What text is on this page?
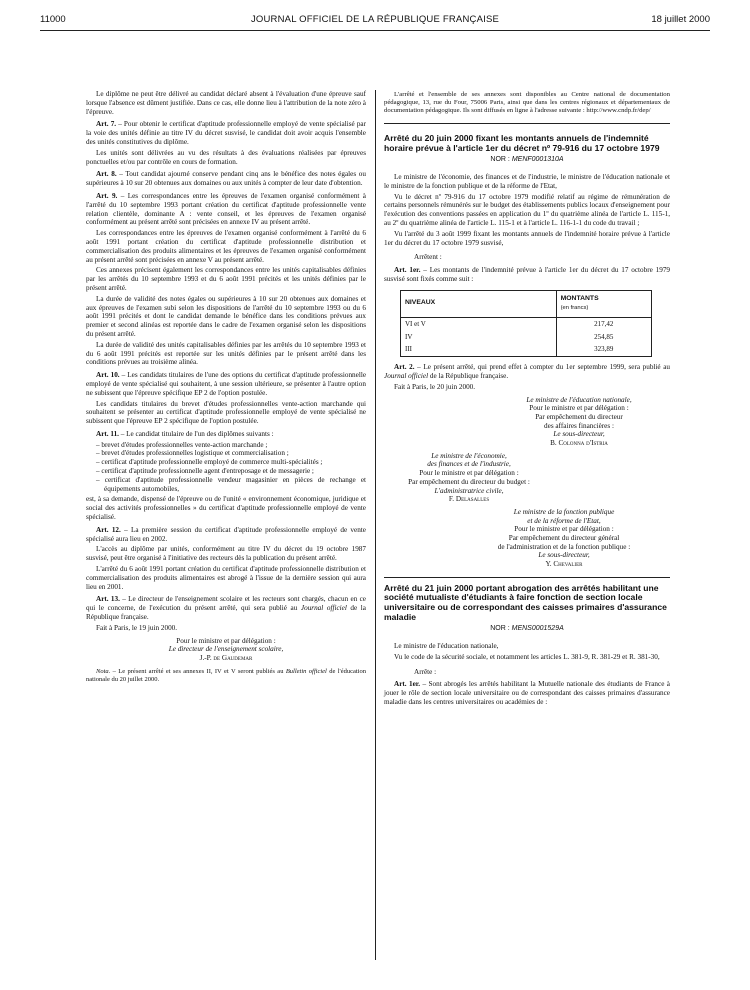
11000	JOURNAL OFFICIEL DE LA RÉPUBLIQUE FRANÇAISE	18 juillet 2000

Le diplôme ne peut être délivré au candidat déclaré absent à l'évaluation d'une épreuve sauf lorsque l'absence est dûment justifiée. Dans ce cas, elle donne lieu à l'attribution de la note zéro à l'épreuve.

Art. 7. – Pour obtenir le certificat d'aptitude professionnelle employé de vente spécialisé par la voie des unités définie au titre IV du décret susvisé, le candidat doit avoir acquis l'ensemble des unités constitutives du diplôme.

Les unités sont délivrées au vu des résultats à des évaluations réalisées par épreuves ponctuelles et/ou par contrôle en cours de formation.

Art. 8. – Tout candidat ajourné conserve pendant cinq ans le bénéfice des notes égales ou supérieures à 10 sur 20 obtenues aux domaines ou aux unités à compter de leur date d'obtention.

Art. 9. – Les correspondances entre les épreuves de l'examen organisé conformément à l'arrêté du 10 septembre 1993 portant création du certificat d'aptitude professionnelle vente relation clientèle, dominante A : vente conseil, et les épreuves de l'examen organisé conformément au présent arrêté sont précisées en annexe IV au présent arrêté.

Les correspondances entre les épreuves de l'examen organisé conformément à l'arrêté du 6 août 1991 portant création du certificat d'aptitude professionnelle distribution et commercialisation des produits alimentaires et les épreuves de l'examen organisé conformément au présent arrêté sont précisées en annexe V au présent arrêté.

Ces annexes précisent également les correspondances entre les unités capitalisables définies par les arrêtés du 10 septembre 1993 et du 6 août 1991 précités et les unités définies par le présent arrêté.

La durée de validité des notes égales ou supérieures à 10 sur 20 obtenues aux domaines et aux épreuves de l'examen subi selon les dispositions de l'arrêté du 10 septembre 1993 ou du 6 août 1991 précités et dont le candidat demande le bénéfice dans les conditions prévues aux premier et second alinéas est reportée dans le cadre de l'examen organisé selon les dispositions du présent arrêté.

La durée de validité des unités capitalisables définies par les arrêtés du 10 septembre 1993 et du 6 août 1991 précités est reportée sur les unités définies par le présent arrêté dans les conditions prévues au troisième alinéa.

Art. 10. – Les candidats titulaires de l'une des options du certificat d'aptitude professionnelle employé de vente spécialisé qui souhaitent, à une session ultérieure, se présenter à l'autre option ne subissent que l'épreuve spécifique EP 2 de l'option postulée.

Les candidats titulaires du brevet d'études professionnelles vente-action marchande qui souhaitent se présenter au certificat d'aptitude professionnelle employé de vente spécialisé ne subissent que l'épreuve EP 2 spécifique de l'option postulée.

Art. 11. – Le candidat titulaire de l'un des diplômes suivants :

– brevet d'études professionnelles vente-action marchande ;
– brevet d'études professionnelles logistique et commercialisation ;
– certificat d'aptitude professionnelle employé de commerce multi-spécialités ;
– certificat d'aptitude professionnelle agent d'entreposage et de messagerie ;
– certificat d'aptitude professionnelle vendeur magasinier en pièces de rechange et équipements automobiles,

est, à sa demande, dispensé de l'épreuve ou de l'unité « environnement économique, juridique et social des activités professionnelles » du certificat d'aptitude professionnelle employé de vente spécialisé.

Art. 12. – La première session du certificat d'aptitude professionnelle employé de vente spécialisé aura lieu en 2002.

L'accès au diplôme par unités, conformément au titre IV du décret du 19 octobre 1987 susvisé, peut être organisé à l'initiative des recteurs dès la publication du présent arrêté.

L'arrêté du 6 août 1991 portant création du certificat d'aptitude professionnelle distribution et commercialisation des produits alimentaires est abrogé à l'issue de la dernière session qui aura lieu en 2001.

Art. 13. – Le directeur de l'enseignement scolaire et les recteurs sont chargés, chacun en ce qui le concerne, de l'exécution du présent arrêté, qui sera publié au Journal officiel de la République française.

Fait à Paris, le 19 juin 2000.

Pour le ministre et par délégation :
Le directeur de l'enseignement scolaire,
J.-P. de Gaudemar

Nota. – Le présent arrêté et ses annexes II, IV et V seront publiés au Bulletin officiel de l'éducation nationale du 20 juillet 2000.

L'arrêté et l'ensemble de ses annexes sont disponibles au Centre national de documentation pédagogique, 13, rue du Four, 75006 Paris, ainsi que dans les centres régionaux et départementaux de documentation pédagogique. Ils sont diffusés en ligne à l'adresse suivante : http://www.cndp.fr/dep/

Arrêté du 20 juin 2000 fixant les montants annuels de l'indemnité horaire prévue à l'article 1er du décret nº 79-916 du 17 octobre 1979
NOR : MENF0001310A

Le ministre de l'économie, des finances et de l'industrie, le ministre de l'éducation nationale et le ministre de la fonction publique et de la réforme de l'Etat,

Vu le décret nº 79-916 du 17 octobre 1979 modifié relatif au régime de rémunération de certains personnels rémunérés sur le budget des établissements publics locaux d'enseignement pour l'exécution des conventions passées en application du 1º du quatrième alinéa de l'article L. 115-1, au 2º du quatrième alinéa de l'article L. 115-1 et à l'article L. 116-1-1 du code du travail ;

Vu l'arrêté du 3 août 1999 fixant les montants annuels de l'indemnité horaire prévue à l'article 1er du décret du 17 octobre 1979 susvisé,

Arrêtent :

Art. 1er. – Les montants de l'indemnité prévue à l'article 1er du décret du 17 octobre 1979 susvisé sont fixés comme suit :

NIVEAUX	MONTANTS
(en francs)

VI et V	217,42
IV	254,85
III	323,89

Art. 2. – Le présent arrêté, qui prend effet à compter du 1er septembre 1999, sera publié au Journal officiel de la République française.

Fait à Paris, le 20 juin 2000.

Le ministre de l'éducation nationale,
Pour le ministre et par délégation :
Par empêchement du directeur
des affaires financières :
Le sous-directeur,
B. Colonna d'Istria
Le ministre de l'économie,
des finances et de l'industrie,
Pour le ministre et par délégation :
Par empêchement du directeur du budget :
L'administratrice civile,
F. Delasalles
Le ministre de la fonction publique
et de la réforme de l'Etat,
Pour le ministre et par délégation :
Par empêchement du directeur général
de l'administration et de la fonction publique :
Le sous-directeur,
Y. Chevalier
Arrêté du 21 juin 2000 portant abrogation des arrêtés habilitant une société mutualiste d'étudiants à faire fonction de section locale universitaire ou de correspondant des caisses primaires d'assurance maladie
NOR : MENS0001529A

Le ministre de l'éducation nationale,

Vu le code de la sécurité sociale, et notamment les articles L. 381-9, R. 381-29 et R. 381-30,

Arrête :

Art. 1er. – Sont abrogés les arrêtés habilitant la Mutuelle nationale des étudiants de France à jouer le rôle de section locale universitaire ou de correspondant des caisses primaires d'assurance maladie dans les centres universitaires ou académies de :
